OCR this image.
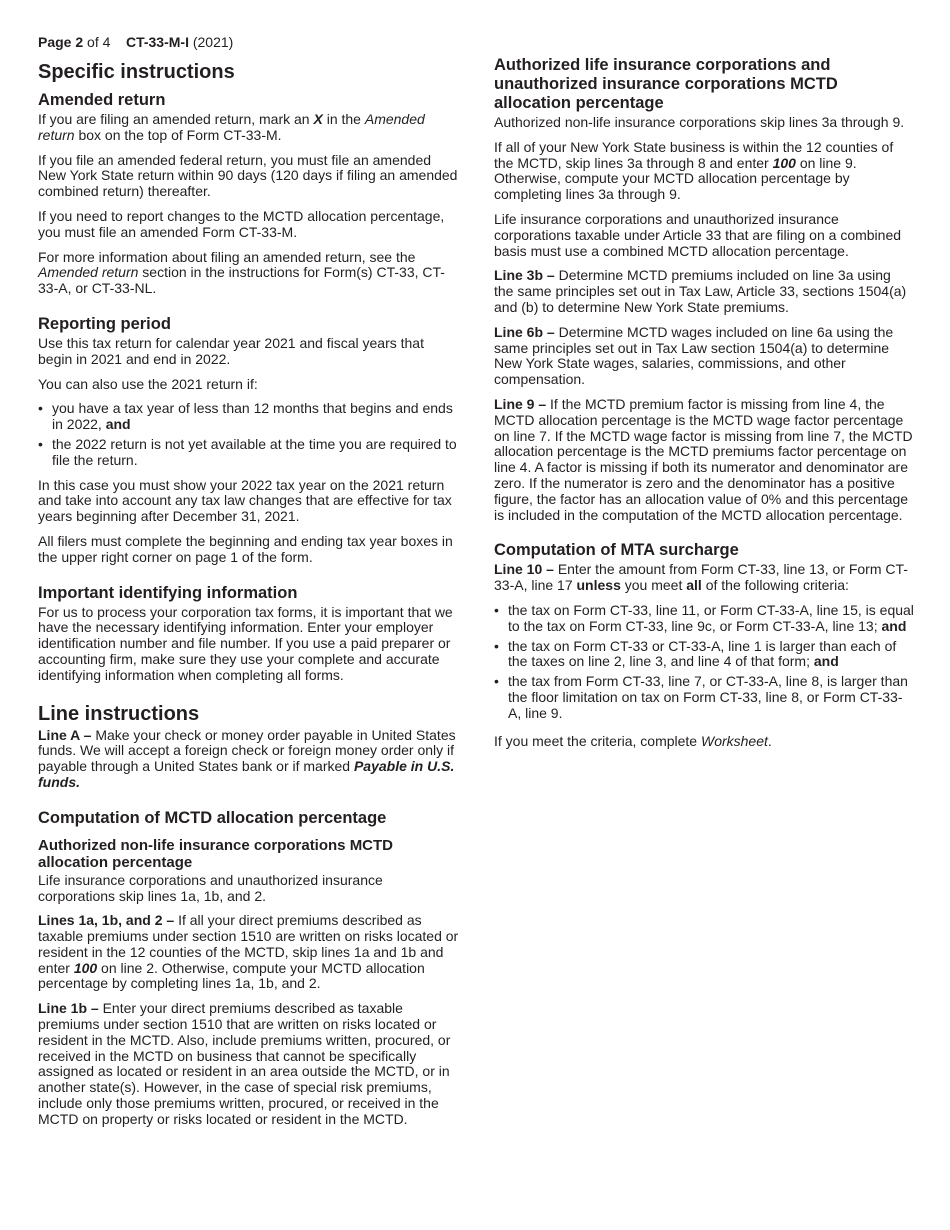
Page 2 of 4 CT-33-M-I (2021)
Specific instructions
Amended return

If you are filing an amended return, mark an X in the Amended return box on the top of Form CT-33-M.

If you file an amended federal return, you must file an amended New York State return within 90 days (120 days if filing an amended combined return) thereafter.

If you need to report changes to the MCTD allocation percentage, you must file an amended Form CT-33-M.

For more information about filing an amended return, see the Amended return section in the instructions for Form(s) CT-33, CT-33-A, or CT-33-NL.

Reporting period

Use this tax return for calendar year 2021 and fiscal years that begin in 2021 and end in 2022.

You can also use the 2021 return if:

• you have a tax year of less than 12 months that begins and ends in 2022, and
• the 2022 return is not yet available at the time you are required to file the return.

In this case you must show your 2022 tax year on the 2021 return and take into account any tax law changes that are effective for tax years beginning after December 31, 2021.

All filers must complete the beginning and ending tax year boxes in the upper right corner on page 1 of the form.

Important identifying information

For us to process your corporation tax forms, it is important that we have the necessary identifying information. Enter your employer identification number and file number. If you use a paid preparer or accounting firm, make sure they use your complete and accurate identifying information when completing all forms.

Line instructions

Line A – Make your check or money order payable in United States funds. We will accept a foreign check or foreign money order only if payable through a United States bank or if marked Payable in U.S. funds.

Computation of MCTD allocation percentage
Authorized non-life insurance corporations MCTD allocation percentage

Life insurance corporations and unauthorized insurance corporations skip lines 1a, 1b, and 2.

Lines 1a, 1b, and 2 – If all your direct premiums described as taxable premiums under section 1510 are written on risks located or resident in the 12 counties of the MCTD, skip lines 1a and 1b and enter 100 on line 2. Otherwise, compute your MCTD allocation percentage by completing lines 1a, 1b, and 2.

Line 1b – Enter your direct premiums described as taxable premiums under section 1510 that are written on risks located or resident in the MCTD. Also, include premiums written, procured, or received in the MCTD on business that cannot be specifically assigned as located or resident in an area outside the MCTD, or in another state(s). However, in the case of special risk premiums, include only those premiums written, procured, or received in the MCTD on property or risks located or resident in the MCTD.

Authorized life insurance corporations and unauthorized insurance corporations MCTD allocation percentage

Authorized non-life insurance corporations skip lines 3a through 9.

If all of your New York State business is within the 12 counties of the MCTD, skip lines 3a through 8 and enter 100 on line 9. Otherwise, compute your MCTD allocation percentage by completing lines 3a through 9.

Life insurance corporations and unauthorized insurance corporations taxable under Article 33 that are filing on a combined basis must use a combined MCTD allocation percentage.

Line 3b – Determine MCTD premiums included on line 3a using the same principles set out in Tax Law, Article 33, sections 1504(a) and (b) to determine New York State premiums.

Line 6b – Determine MCTD wages included on line 6a using the same principles set out in Tax Law section 1504(a) to determine New York State wages, salaries, commissions, and other compensation.

Line 9 – If the MCTD premium factor is missing from line 4, the MCTD allocation percentage is the MCTD wage factor percentage on line 7. If the MCTD wage factor is missing from line 7, the MCTD allocation percentage is the MCTD premiums factor percentage on line 4. A factor is missing if both its numerator and denominator are zero. If the numerator is zero and the denominator has a positive figure, the factor has an allocation value of 0% and this percentage is included in the computation of the MCTD allocation percentage.

Computation of MTA surcharge

Line 10 – Enter the amount from Form CT-33, line 13, or Form CT-33-A, line 17 unless you meet all of the following criteria:

• the tax on Form CT-33, line 11, or Form CT-33-A, line 15, is equal to the tax on Form CT-33, line 9c, or Form CT-33-A, line 13; and
• the tax on Form CT-33 or CT-33-A, line 1 is larger than each of the taxes on line 2, line 3, and line 4 of that form; and
• the tax from Form CT-33, line 7, or CT-33-A, line 8, is larger than the floor limitation on tax on Form CT-33, line 8, or Form CT-33-A, line 9.

If you meet the criteria, complete Worksheet.
